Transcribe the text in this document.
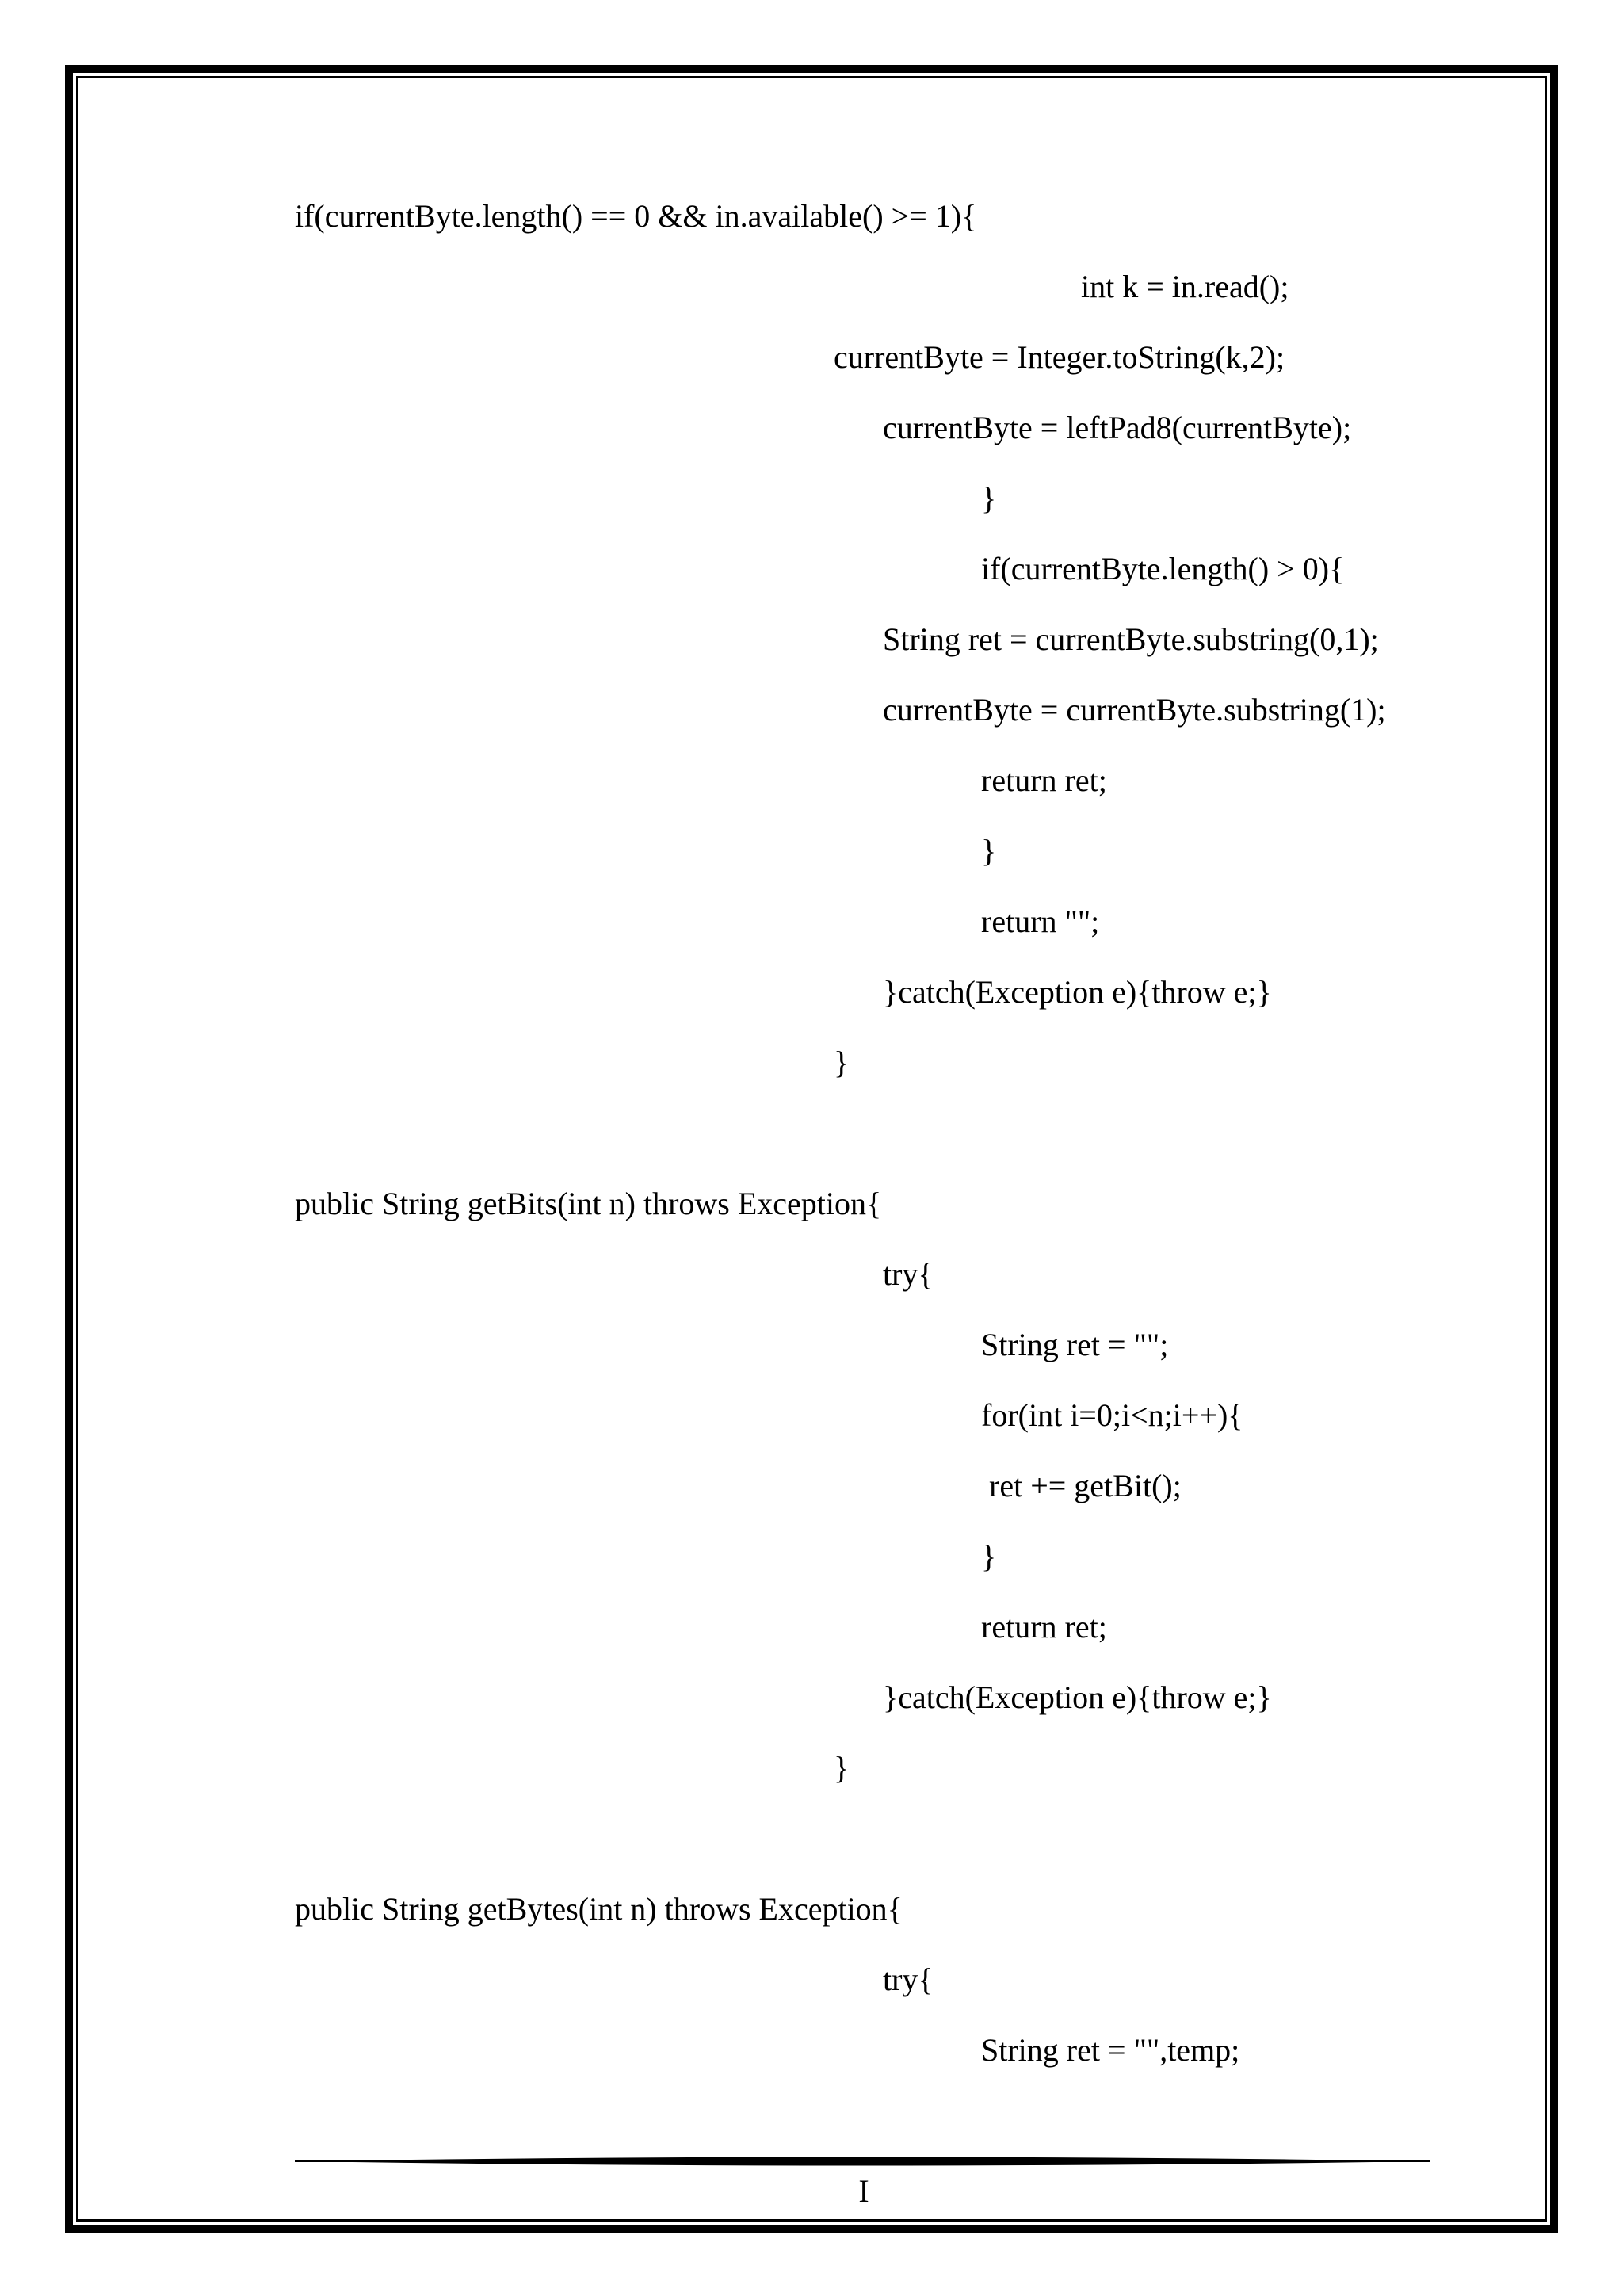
if(currentByte.length() == 0 && in.available() >= 1){
int k = in.read();
currentByte = Integer.toString(k,2);
currentByte = leftPad8(currentByte);
}
if(currentByte.length() > 0){
String ret = currentByte.substring(0,1);
currentByte = currentByte.substring(1);
return ret;
}
return "";
}catch(Exception e){throw e;}
}
public String getBits(int n) throws Exception{
try{
String ret = "";
for(int i=0;i<n;i++){
ret += getBit();
}
return ret;
}catch(Exception e){throw e;}
}
public String getBytes(int n) throws Exception{
try{
String ret = "",temp;
I
